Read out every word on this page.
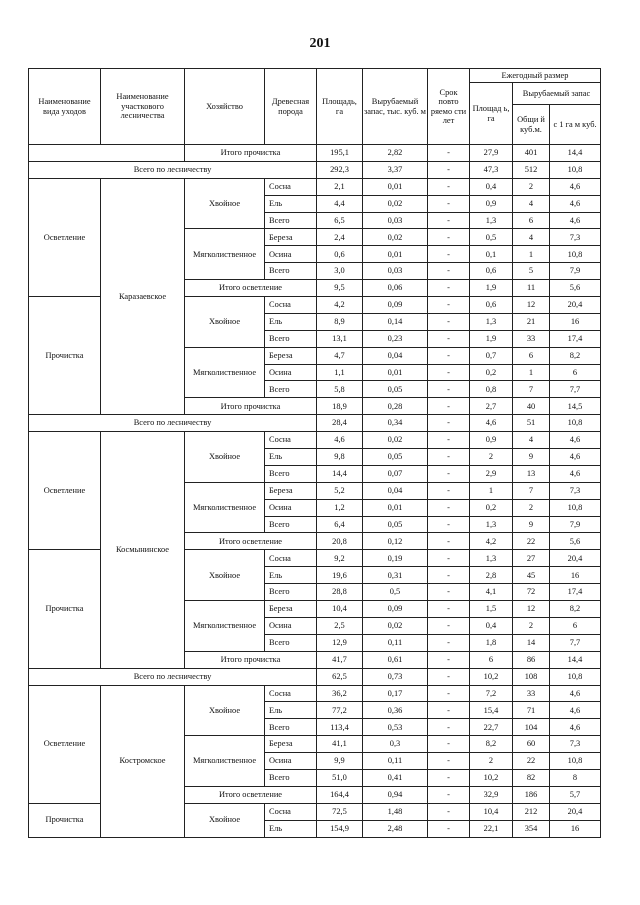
201
Наименование вида уходов	Наименование участкового лесничества	Хозяйство	Древесная порода	Площадь, га	Вырубаемый запас, тыс. куб. м	Срок повто ряемо сти лет	Ежегодный размер		
							Площад ь, га	Вырубаемый запас	
								Общи й куб.м.	с 1 га м куб.
		Итого прочистка		195,1	2,82	-	27,9	401	14,4
Всего по лесничеству				292,3	3,37	-	47,3	512	10,8
Осветление	Каразаевское	Хвойное	Сосна	2,1	0,01	-	0,4	2	4,6
			Ель	4,4	0,02	-	0,9	4	4,6
			Всего	6,5	0,03	-	1,3	6	4,6
		Мягколиственное	Береза	2,4	0,02	-	0,5	4	7,3
			Осина	0,6	0,01	-	0,1	1	10,8
			Всего	3,0	0,03	-	0,6	5	7,9
		Итого осветление		9,5	0,06	-	1,9	11	5,6
Прочистка		Хвойное	Сосна	4,2	0,09	-	0,6	12	20,4
			Ель	8,9	0,14	-	1,3	21	16
			Всего	13,1	0,23	-	1,9	33	17,4
		Мягколиственное	Береза	4,7	0,04	-	0,7	6	8,2
			Осина	1,1	0,01	-	0,2	1	6
			Всего	5,8	0,05	-	0,8	7	7,7
		Итого прочистка		18,9	0,28	-	2,7	40	14,5
Всего по лесничеству				28,4	0,34	-	4,6	51	10,8
Осветление	Космынинское	Хвойное	Сосна	4,6	0,02	-	0,9	4	4,6
			Ель	9,8	0,05	-	2	9	4,6
			Всего	14,4	0,07	-	2,9	13	4,6
		Мягколиственное	Береза	5,2	0,04	-	1	7	7,3
			Осина	1,2	0,01	-	0,2	2	10,8
			Всего	6,4	0,05	-	1,3	9	7,9
		Итого осветление		20,8	0,12	-	4,2	22	5,6
Прочистка		Хвойное	Сосна	9,2	0,19	-	1,3	27	20,4
			Ель	19,6	0,31	-	2,8	45	16
			Всего	28,8	0,5	-	4,1	72	17,4
		Мягколиственное	Береза	10,4	0,09	-	1,5	12	8,2
			Осина	2,5	0,02	-	0,4	2	6
			Всего	12,9	0,11	-	1,8	14	7,7
		Итого прочистка		41,7	0,61	-	6	86	14,4
Всего по лесничеству				62,5	0,73	-	10,2	108	10,8
Осветление	Костромское	Хвойное	Сосна	36,2	0,17	-	7,2	33	4,6
			Ель	77,2	0,36	-	15,4	71	4,6
			Всего	113,4	0,53	-	22,7	104	4,6
		Мягколиственное	Береза	41,1	0,3	-	8,2	60	7,3
			Осина	9,9	0,11	-	2	22	10,8
			Всего	51,0	0,41	-	10,2	82	8
		Итого осветление		164,4	0,94	-	32,9	186	5,7
Прочистка		Хвойное	Сосна	72,5	1,48	-	10,4	212	20,4
			Ель	154,9	2,48	-	22,1	354	16
